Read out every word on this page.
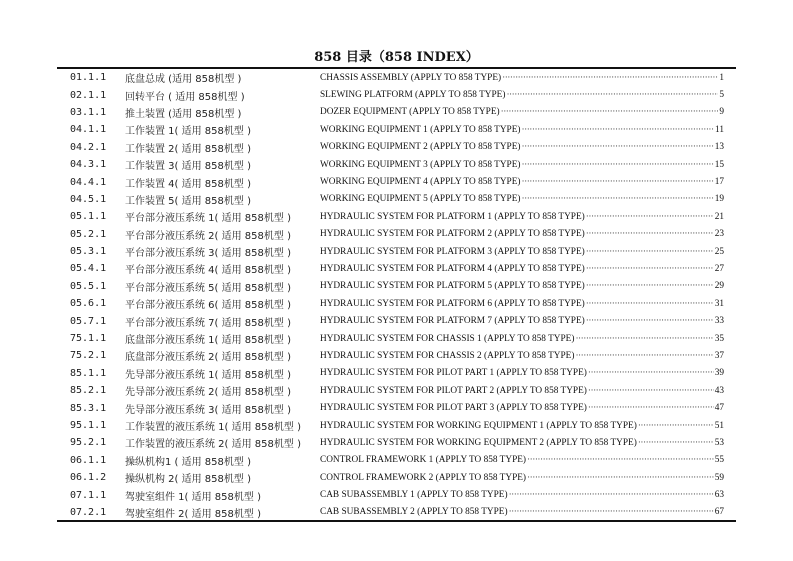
858 目录（858 INDEX）
01.1.1	底盘总成 (适用 858机型 )	CHASSIS ASSEMBLY (APPLY TO 858 TYPE) ·····	1
02.1.1	回转平台 ( 适用 858机型 )	SLEWING PLATFORM (APPLY TO 858 TYPE) ·····	5
03.1.1	推土装置 (适用 858机型 )	DOZER EQUIPMENT (APPLY TO 858 TYPE) ·····	9
04.1.1	工作装置 1( 适用 858机型 )	WORKING EQUIPMENT 1 (APPLY TO 858 TYPE) ·····	11
04.2.1	工作装置 2( 适用 858机型 )	WORKING EQUIPMENT 2 (APPLY TO 858 TYPE) ·····	13
04.3.1	工作装置 3( 适用 858机型 )	WORKING EQUIPMENT 3 (APPLY TO 858 TYPE) ·····	15
04.4.1	工作装置 4( 适用 858机型 )	WORKING EQUIPMENT 4 (APPLY TO 858 TYPE) ·····	17
04.5.1	工作装置 5( 适用 858机型 )	WORKING EQUIPMENT 5 (APPLY TO 858 TYPE) ·····	19
05.1.1	平台部分液压系统 1( 适用 858机型 )	HYDRAULIC SYSTEM FOR PLATFORM 1 (APPLY TO 858 TYPE) ·····	21
05.2.1	平台部分液压系统 2( 适用 858机型 )	HYDRAULIC SYSTEM FOR PLATFORM 2 (APPLY TO 858 TYPE) ·····	23
05.3.1	平台部分液压系统 3( 适用 858机型 )	HYDRAULIC SYSTEM FOR PLATFORM 3 (APPLY TO 858 TYPE) ·····	25
05.4.1	平台部分液压系统 4( 适用 858机型 )	HYDRAULIC SYSTEM FOR PLATFORM 4 (APPLY TO 858 TYPE) ·····	27
05.5.1	平台部分液压系统 5( 适用 858机型 )	HYDRAULIC SYSTEM FOR PLATFORM 5 (APPLY TO 858 TYPE) ·····	29
05.6.1	平台部分液压系统 6( 适用 858机型 )	HYDRAULIC SYSTEM FOR PLATFORM 6 (APPLY TO 858 TYPE) ·····	31
05.7.1	平台部分液压系统 7( 适用 858机型 )	HYDRAULIC SYSTEM FOR PLATFORM 7 (APPLY TO 858 TYPE) ·····	33
75.1.1	底盘部分液压系统 1( 适用 858机型 )	HYDRAULIC SYSTEM FOR CHASSIS 1 (APPLY TO 858 TYPE) ·····	35
75.2.1	底盘部分液压系统 2( 适用 858机型 )	HYDRAULIC SYSTEM FOR CHASSIS 2 (APPLY TO 858 TYPE) ·····	37
85.1.1	先导部分液压系统 1( 适用 858机型 )	HYDRAULIC SYSTEM FOR PILOT PART 1 (APPLY TO 858 TYPE) ·····	39
85.2.1	先导部分液压系统 2( 适用 858机型 )	HYDRAULIC SYSTEM FOR PILOT PART 2 (APPLY TO 858 TYPE) ·····	43
85.3.1	先导部分液压系统 3( 适用 858机型 )	HYDRAULIC SYSTEM FOR PILOT PART 3 (APPLY TO 858 TYPE) ·····	47
95.1.1	工作装置的液压系统 1( 适用 858机型 )	HYDRAULIC SYSTEM FOR WORKING EQUIPMENT 1 (APPLY TO 858 TYPE) ·····	51
95.2.1	工作装置的液压系统 2( 适用 858机型 )	HYDRAULIC SYSTEM FOR WORKING EQUIPMENT 2 (APPLY TO 858 TYPE) ·····	53
06.1.1	操纵机构1 ( 适用 858机型 )	CONTROL FRAMEWORK 1 (APPLY TO 858 TYPE) ·····	55
06.1.2	操纵机构 2( 适用 858机型 )	CONTROL FRAMEWORK 2 (APPLY TO 858 TYPE) ·····	59
07.1.1	驾驶室组件 1( 适用 858机型 )	CAB SUBASSEMBLY 1 (APPLY TO 858 TYPE) ·····	63
07.2.1	驾驶室组件 2( 适用 858机型 )	CAB SUBASSEMBLY 2 (APPLY TO 858 TYPE) ·····	67
